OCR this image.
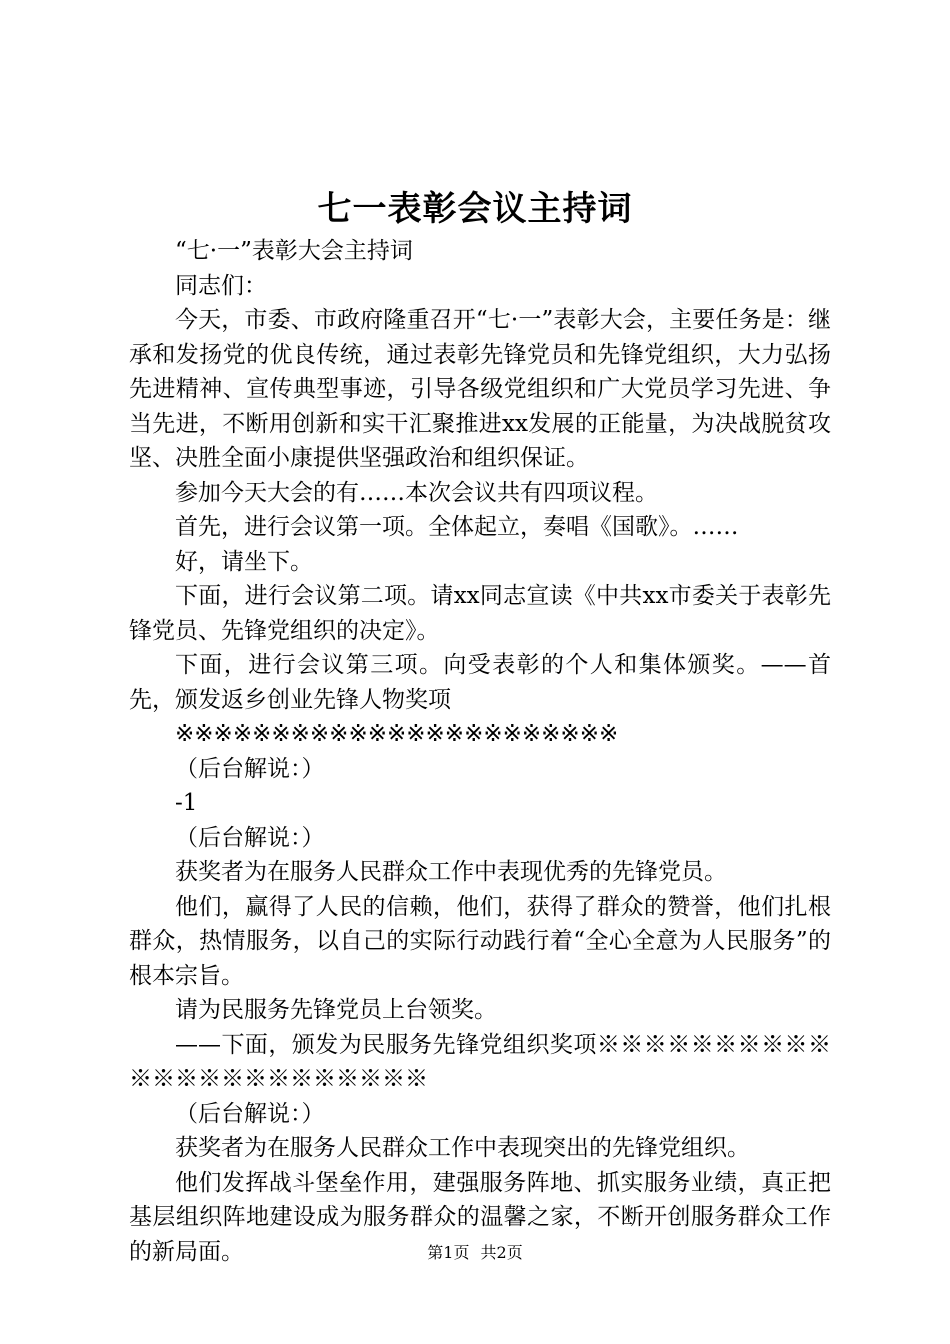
七一表彰会议主持词

“七·一”表彰大会主持词

同志们：

今天，市委、市政府隆重召开“七·一”表彰大会，主要任务是：继承和发扬党的优良传统，通过表彰先锋党员和先锋党组织，大力弘扬先进精神、宣传典型事迹，引导各级党组织和广大党员学习先进、争当先进，不断用创新和实干汇聚推进xx发展的正能量，为决战脱贫攻坚、决胜全面小康提供坚强政治和组织保证。

参加今天大会的有……本次会议共有四项议程。

首先，进行会议第一项。全体起立，奏唱《国歌》。……

好，请坐下。

下面，进行会议第二项。请xx同志宣读《中共xx市委关于表彰先锋党员、先锋党组织的决定》。

下面，进行会议第三项。向受表彰的个人和集体颁奖。——首先，颁发返乡创业先锋人物奖项

※※※※※※※※※※※※※※※※※※※※※※※

（后台解说：）

-1

（后台解说：）

获奖者为在服务人民群众工作中表现优秀的先锋党员。

他们，赢得了人民的信赖，他们，获得了群众的赞誉，他们扎根群众，热情服务，以自己的实际行动践行着“全心全意为人民服务”的根本宗旨。

请为民服务先锋党员上台领奖。

——下面，颁发为民服务先锋党组织奖项※※※※※※※※※※※※※※※※※※※※※※※

（后台解说：）

获奖者为在服务人民群众工作中表现突出的先锋党组织。

他们发挥战斗堡垒作用，建强服务阵地、抓实服务业绩，真正把基层组织阵地建设成为服务群众的温馨之家，不断开创服务群众工作的新局面。	第1页 共2页
